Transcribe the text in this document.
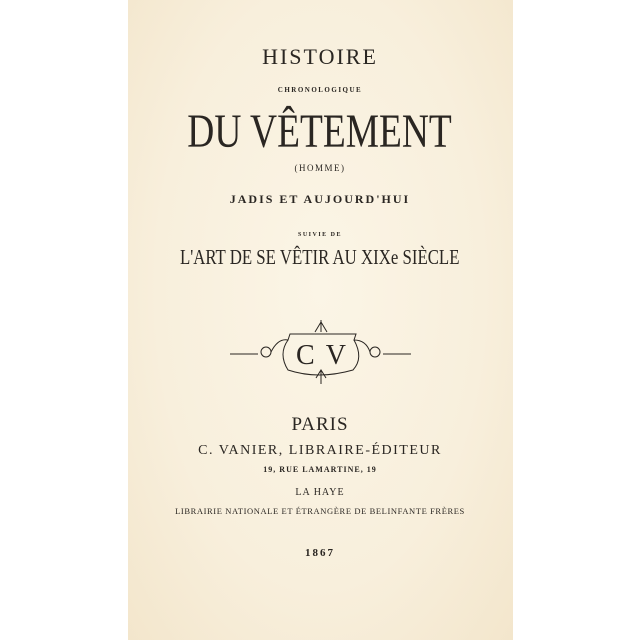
HISTOIRE
CHRONOLOGIQUE
DU VÊTEMENT
(HOMME)
JADIS ET AUJOURD'HUI
SUIVIE DE
L'ART DE SE VÊTIR AU XIXe SIÈCLE
CV
PARIS
C. VANIER, LIBRAIRE-ÉDITEUR
19, RUE LAMARTINE, 19
LA HAYE
LIBRAIRIE NATIONALE ET ÉTRANGÈRE DE BELINFANTE FRÈRES
1867
